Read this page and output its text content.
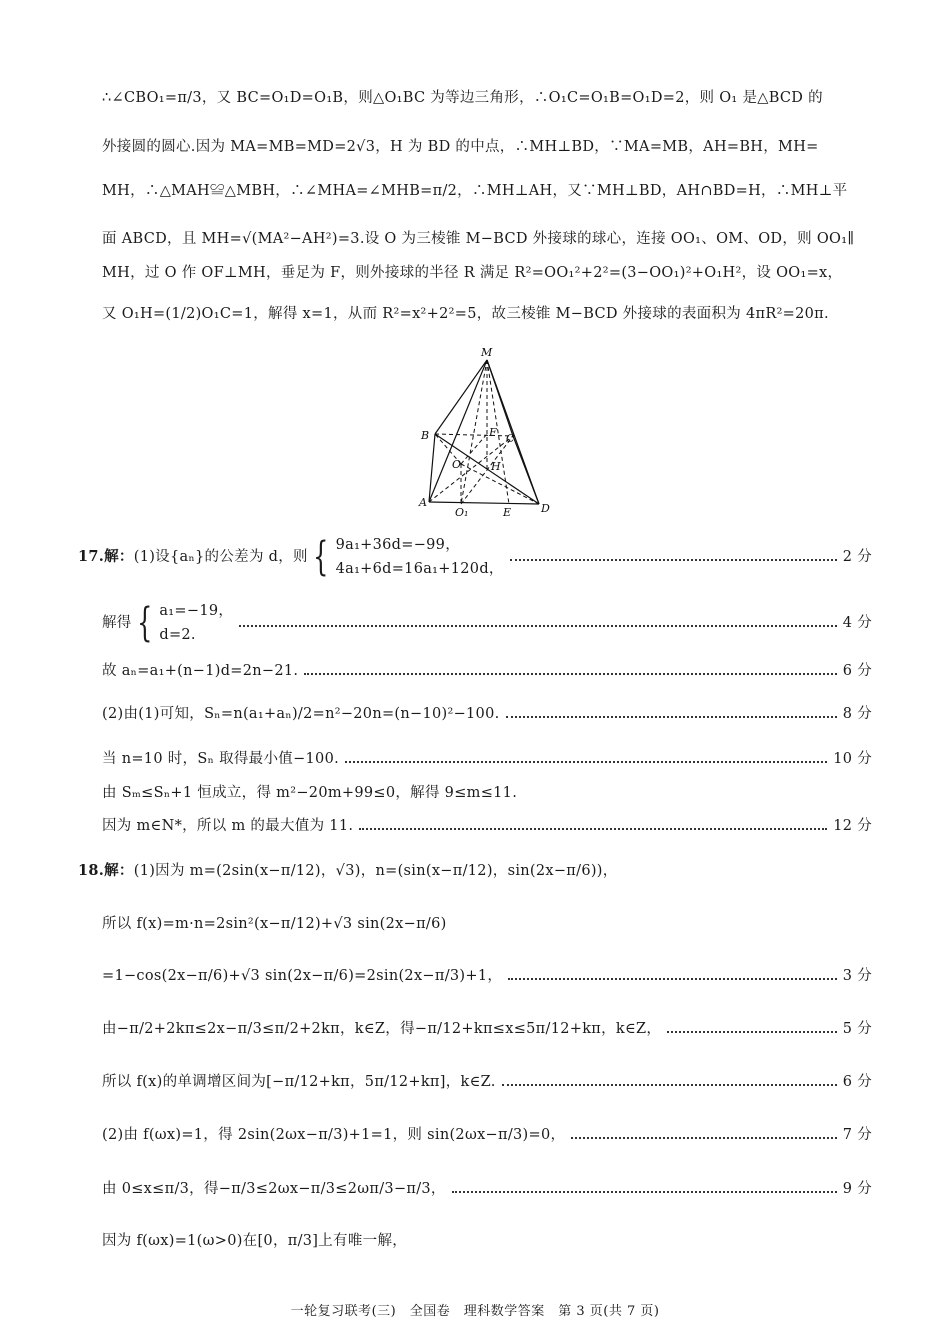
∴∠CBO₁=π/3，又 BC=O₁D=O₁B，则△O₁BC 为等边三角形，∴O₁C=O₁B=O₁D=2，则 O₁ 是△BCD 的
外接圆的圆心.因为 MA=MB=MD=2√3，H 为 BD 的中点，∴MH⊥BD，∵MA=MB，AH=BH，MH=
MH，∴△MAH≌△MBH，∴∠MHA=∠MHB=π/2，∴MH⊥AH，又∵MH⊥BD，AH∩BD=H，∴MH⊥平
面 ABCD，且 MH=√(MA²−AH²)=3.设 O 为三棱锥 M−BCD 外接球的球心，连接 OO₁、OM、OD，则 OO₁∥
MH，过 O 作 OF⊥MH，垂足为 F，则外接球的半径 R 满足 R²=OO₁²+2²=(3−OO₁)²+O₁H²，设 OO₁=x，
又 O₁H=(1/2)O₁C=1，解得 x=1，从而 R²=x²+2²=5，故三棱锥 M−BCD 外接球的表面积为 4πR²=20π.
M
B	F C
O	H
A
O₁	E	D
17.解： (1)设{aₙ}的公差为 d，则 { 9a₁+36d=−99，
4a₁+6d=16a₁+120d，
2 分
解得 { a₁=−19，
d=2.
4 分
故 aₙ=a₁+(n−1)d=2n−21.	6 分
(2)由(1)可知，Sₙ=n(a₁+aₙ)/2=n²−20n=(n−10)²−100.	8 分
当 n=10 时，Sₙ 取得最小值−100.	10 分
由 Sₘ≤Sₙ+1 恒成立，得 m²−20m+99≤0，解得 9≤m≤11.
因为 m∈N*，所以 m 的最大值为 11.	12 分
18.解： (1)因为 m=(2sin(x−π/12)，√3)，n=(sin(x−π/12)，sin(2x−π/6))，
所以 f(x)=m·n=2sin²(x−π/12)+√3 sin(2x−π/6)
=1−cos(2x−π/6)+√3 sin(2x−π/6)=2sin(2x−π/3)+1，	3 分
由−π/2+2kπ≤2x−π/3≤π/2+2kπ，k∈Z，得−π/12+kπ≤x≤5π/12+kπ，k∈Z，	5 分
所以 f(x)的单调增区间为[−π/12+kπ，5π/12+kπ]，k∈Z.	6 分
(2)由 f(ωx)=1，得 2sin(2ωx−π/3)+1=1，则 sin(2ωx−π/3)=0，	7 分
由 0≤x≤π/3，得−π/3≤2ωx−π/3≤2ωπ/3−π/3，	9 分
因为 f(ωx)=1(ω>0)在[0，π/3]上有唯一解，
一轮复习联考(三)　全国卷　理科数学答案　第 3 页(共 7 页)
